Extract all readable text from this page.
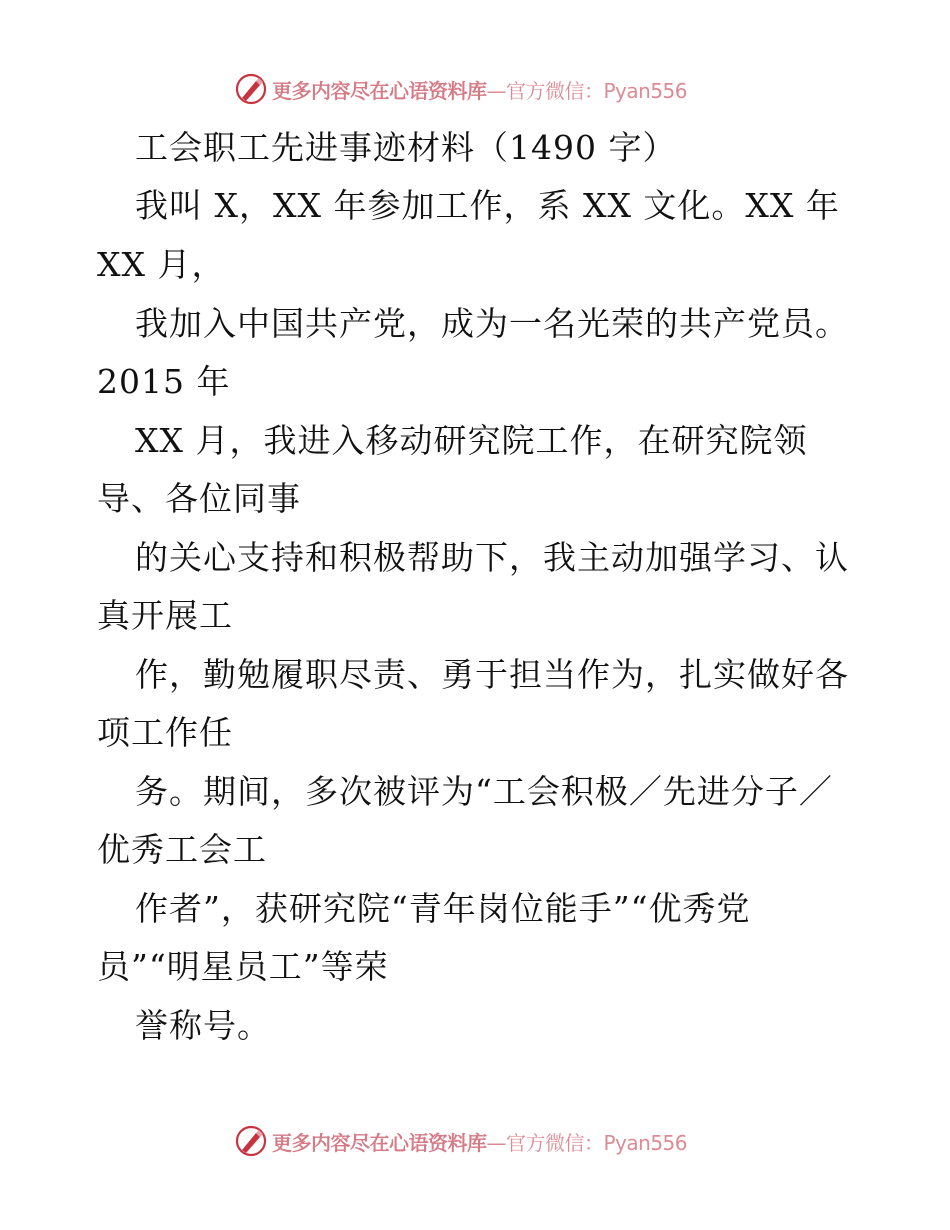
更多内容尽在心语资料库 —官方微信：Pyan556
工会职工先进事迹材料（1490 字）
我叫 X，XX 年参加工作，系 XX 文化。XX 年
XX 月，
我加入中国共产党，成为一名光荣的共产党员。
2015 年
XX 月，我进入移动研究院工作，在研究院领
导、各位同事
的关心支持和积极帮助下，我主动加强学习、认
真开展工
作，勤勉履职尽责、勇于担当作为，扎实做好各
项工作任
务。期间，多次被评为“工会积极／先进分子／
优秀工会工
作者”，获研究院“青年岗位能手”“优秀党
员”“明星员工”等荣
誉称号。
更多内容尽在心语资料库 —官方微信：Pyan556
